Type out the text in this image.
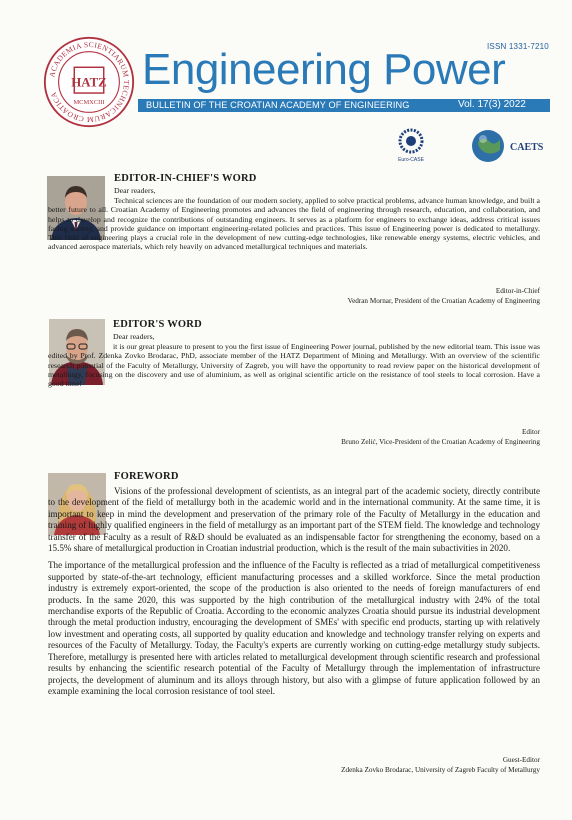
ISSN 1331-7210
ACADEMIA SCIENTIARUM TECHNICARUM CROATICA
HATZ
MCMXCIII
Engineering Power
BULLETIN OF THE CROATIAN ACADEMY OF ENGINEERING	Vol. 17(3) 2022
Euro-CASE
CAETS
EDITOR-IN-CHIEF'S WORD
Dear readers,
Technical sciences are the foundation of our modern society, applied to solve practical problems, advance human knowledge, and built a better future to all. Croatian Academy of Engineering promotes and advances the field of engineering through research, education, and collaboration, and helps to develop and recognize the contributions of outstanding engineers. It serves as a platform for engineers to exchange ideas, address critical issues facing society, and provide guidance on important engineering-related policies and practices. This issue of Engineering power is dedicated to metallurgy. This field of engineering plays a crucial role in the development of new cutting-edge technologies, like renewable energy systems, electric vehicles, and advanced aerospace materials, which rely heavily on advanced metallurgical techniques and materials.
Editor-in-Chief
Vedran Mornar, President of the Croatian Academy of Engineering
EDITOR'S WORD
Dear readers,
it is our great pleasure to present to you the first issue of Engineering Power journal, published by the new editorial team. This issue was edited by Prof. Zdenka Zovko Brodarac, PhD, associate member of the HATZ Department of Mining and Metallurgy. With an overview of the scientific research potential of the Faculty of Metallurgy, University of Zagreb, you will have the opportunity to read review paper on the historical development of metallurgy, focusing on the discovery and use of aluminium, as well as original scientific article on the resistance of tool steels to local corrosion. Have a good time!
Editor
Bruno Zelić, Vice-President of the Croatian Academy of Engineering
FOREWORD

Visions of the professional development of scientists, as an integral part of the academic society, directly contribute to the development of the field of metallurgy both in the academic world and in the international community. At the same time, it is important to keep in mind the development and preservation of the primary role of the Faculty of Metallurgy in the education and training of highly qualified engineers in the field of metallurgy as an important part of the STEM field. The knowledge and technology transfer of the Faculty as a result of R&D should be evaluated as an indispensable factor for strengthening the economy, based on a 15.5% share of metallurgical production in Croatian industrial production, which is the result of the main subactivities in 2020.

The importance of the metallurgical profession and the influence of the Faculty is reflected as a triad of metallurgical competitiveness supported by state-of-the-art technology, efficient manufacturing processes and a skilled workforce. Since the metal production industry is extremely export-oriented, the scope of the production is also oriented to the needs of foreign manufacturers of end products. In the same 2020, this was supported by the high contribution of the metallurgical industry with 24% of the total merchandise exports of the Republic of Croatia. According to the economic analyzes Croatia should pursue its industrial development through the metal production industry, encouraging the development of SMEs' with specific end products, starting up with relatively low investment and operating costs, all supported by quality education and knowledge and technology transfer relying on experts and resources of the Faculty of Metallurgy. Today, the Faculty's experts are currently working on cutting-edge metallurgy study subjects. Therefore, metallurgy is presented here with articles related to metallurgical development through scientific research and professional results by enhancing the scientific research potential of the Faculty of Metallurgy through the implementation of infrastructure projects, the development of aluminum and its alloys through history, but also with a glimpse of future application followed by an example examining the local corrosion resistance of tool steel.

Guest-Editor
Zdenka Zovko Brodarac, University of Zagreb Faculty of Metallurgy
